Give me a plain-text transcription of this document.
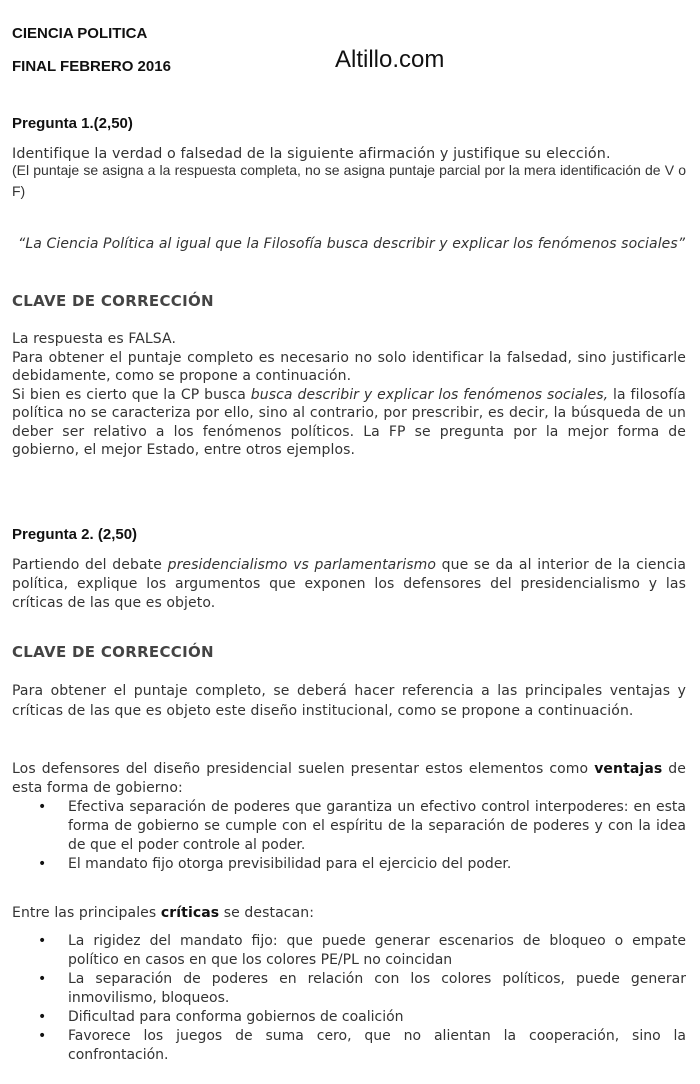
CIENCIA POLITICA
FINAL FEBRERO 2016	Altillo.com
Pregunta 1.(2,50)
Identifique la verdad o falsedad de la siguiente afirmación y justifique su elección.
(El puntaje se asigna a la respuesta completa, no se asigna puntaje parcial por la mera identificación de V o F)
“La Ciencia Política al igual que la Filosofía busca describir y explicar los fenómenos sociales”
CLAVE DE CORRECCIÓN
La respuesta es FALSA.
Para obtener el puntaje completo es necesario no solo identificar la falsedad, sino justificarle debidamente, como se propone a continuación.
Si bien es cierto que la CP busca busca describir y explicar los fenómenos sociales, la filosofía política no se caracteriza por ello, sino al contrario, por prescribir, es decir, la búsqueda de un deber ser relativo a los fenómenos políticos. La FP se pregunta por la mejor forma de gobierno, el mejor Estado, entre otros ejemplos.
Pregunta 2. (2,50)
Partiendo del debate presidencialismo vs parlamentarismo que se da al interior de la ciencia política, explique los argumentos que exponen los defensores del presidencialismo y las críticas de las que es objeto.
CLAVE DE CORRECCIÓN
Para obtener el puntaje completo, se deberá hacer referencia a las principales ventajas y críticas de las que es objeto este diseño institucional, como se propone a continuación.
Los defensores del diseño presidencial suelen presentar estos elementos como ventajas de esta forma de gobierno:
• Efectiva separación de poderes que garantiza un efectivo control interpoderes: en esta forma de gobierno se cumple con el espíritu de la separación de poderes y con la idea de que el poder controle al poder.
• El mandato fijo otorga previsibilidad para el ejercicio del poder.
Entre las principales críticas se destacan:
• La rigidez del mandato fijo: que puede generar escenarios de bloqueo o empate político en casos en que los colores PE/PL no coincidan
• La separación de poderes en relación con los colores políticos, puede generar inmovilismo, bloqueos.
• Dificultad para conforma gobiernos de coalición
• Favorece los juegos de suma cero, que no alientan la cooperación, sino la confrontación.
